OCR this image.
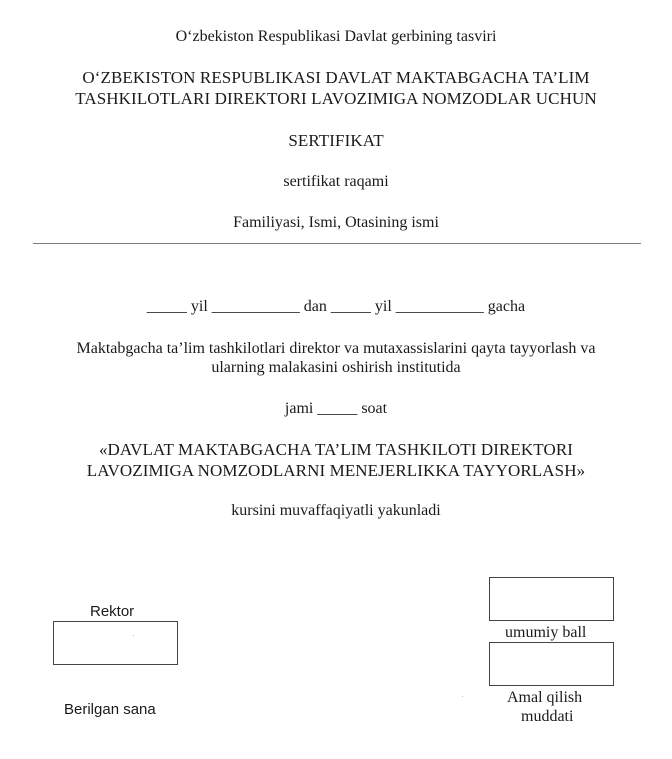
O‘zbekiston Respublikasi Davlat gerbining tasviri
O‘ZBEKISTON RESPUBLIKASI DAVLAT MAKTABGACHA TA’LIM
TASHKILOTLARI DIREKTORI LAVOZIMIGA NOMZODLAR UCHUN
SERTIFIKAT
sertifikat raqami
Familiyasi, Ismi, Otasining ismi
_____ yil ___________ dan _____ yil ___________ gacha
Maktabgacha ta’lim tashkilotlari direktor va mutaxassislarini qayta tayyorlash va
ularning malakasini oshirish institutida
jami _____ soat
«DAVLAT MAKTABGACHA TA’LIM TASHKILOTI DIREKTORI
LAVOZIMIGA NOMZODLARNI MENEJERLIKKA TAYYORLASH»
kursini muvaffaqiyatli yakunladi
Rektor
Berilgan sana
umumiy ball
Amal qilish
muddati
